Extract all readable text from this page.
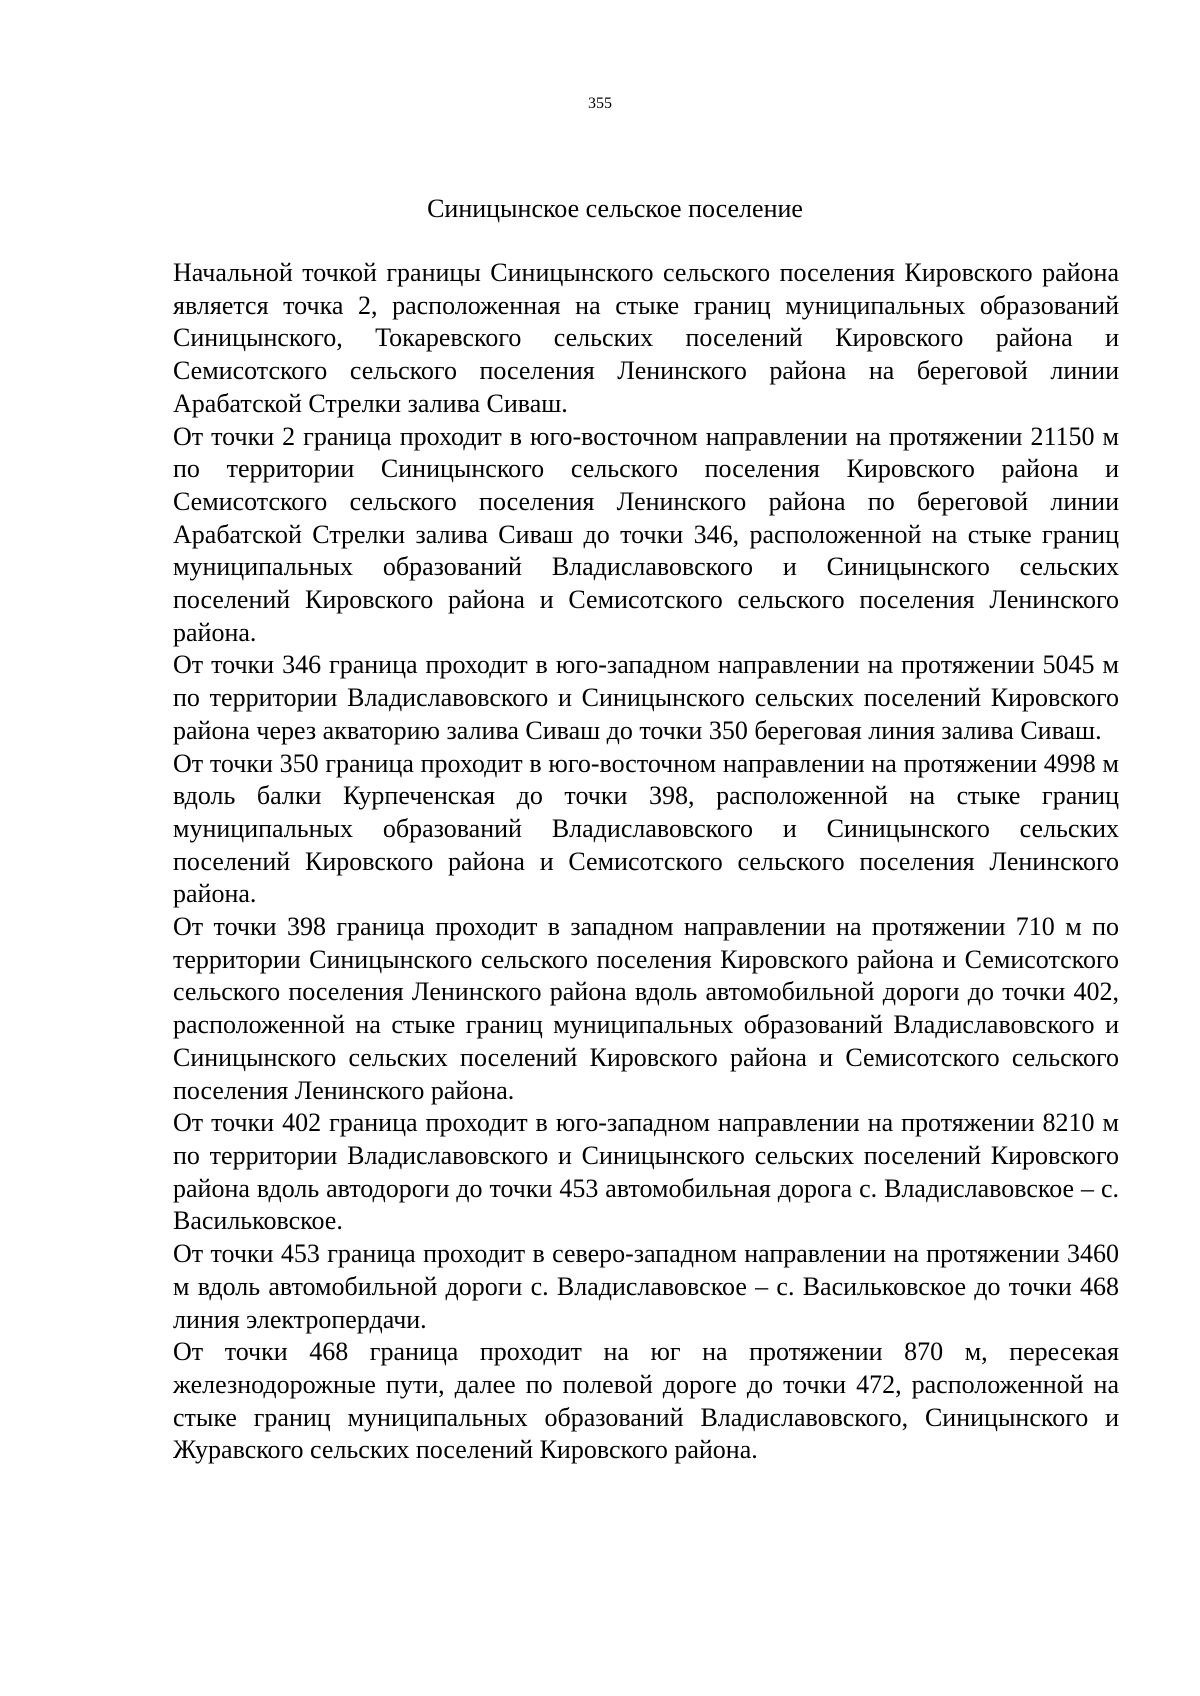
355
Синицынское сельское поселение

Начальной точкой границы Синицынского сельского поселения Кировского района является точка 2, расположенная на стыке границ муниципальных образований Синицынского, Токаревского сельских поселений Кировского района и Семисотского сельского поселения Ленинского района на береговой линии Арабатской Стрелки залива Сиваш.

От точки 2 граница проходит в юго-восточном направлении на протяжении 21150 м по территории Синицынского сельского поселения Кировского района и Семисотского сельского поселения Ленинского района по береговой линии Арабатской Стрелки залива Сиваш до точки 346, расположенной на стыке границ муниципальных образований Владиславовского и Синицынского сельских поселений Кировского района и Семисотского сельского поселения Ленинского района.

От точки 346 граница проходит в юго-западном направлении на протяжении 5045 м по территории Владиславовского и Синицынского сельских поселений Кировского района через акваторию залива Сиваш до точки 350 береговая линия залива Сиваш.

От точки 350 граница проходит в юго-восточном направлении на протяжении 4998 м вдоль балки Курпеченская до точки 398, расположенной на стыке границ муниципальных образований Владиславовского и Синицынского сельских поселений Кировского района и Семисотского сельского поселения Ленинского района.

От точки 398 граница проходит в западном направлении на протяжении 710 м по территории Синицынского сельского поселения Кировского района и Семисотского сельского поселения Ленинского района вдоль автомобильной дороги до точки 402, расположенной на стыке границ муниципальных образований Владиславовского и Синицынского сельских поселений Кировского района и Семисотского сельского поселения Ленинского района.

От точки 402 граница проходит в юго-западном направлении на протяжении 8210 м по территории Владиславовского и Синицынского сельских поселений Кировского района вдоль автодороги до точки 453 автомобильная дорога с. Владиславовское – с. Васильковское.

От точки 453 граница проходит в северо-западном направлении на протяжении 3460 м вдоль автомобильной дороги с. Владиславовское – с. Васильковское до точки 468 линия электропердачи.

От точки 468 граница проходит на юг на протяжении 870 м, пересекая железнодорожные пути, далее по полевой дороге до точки 472, расположенной на стыке границ муниципальных образований Владиславовского, Синицынского и Журавского сельских поселений Кировского района.
